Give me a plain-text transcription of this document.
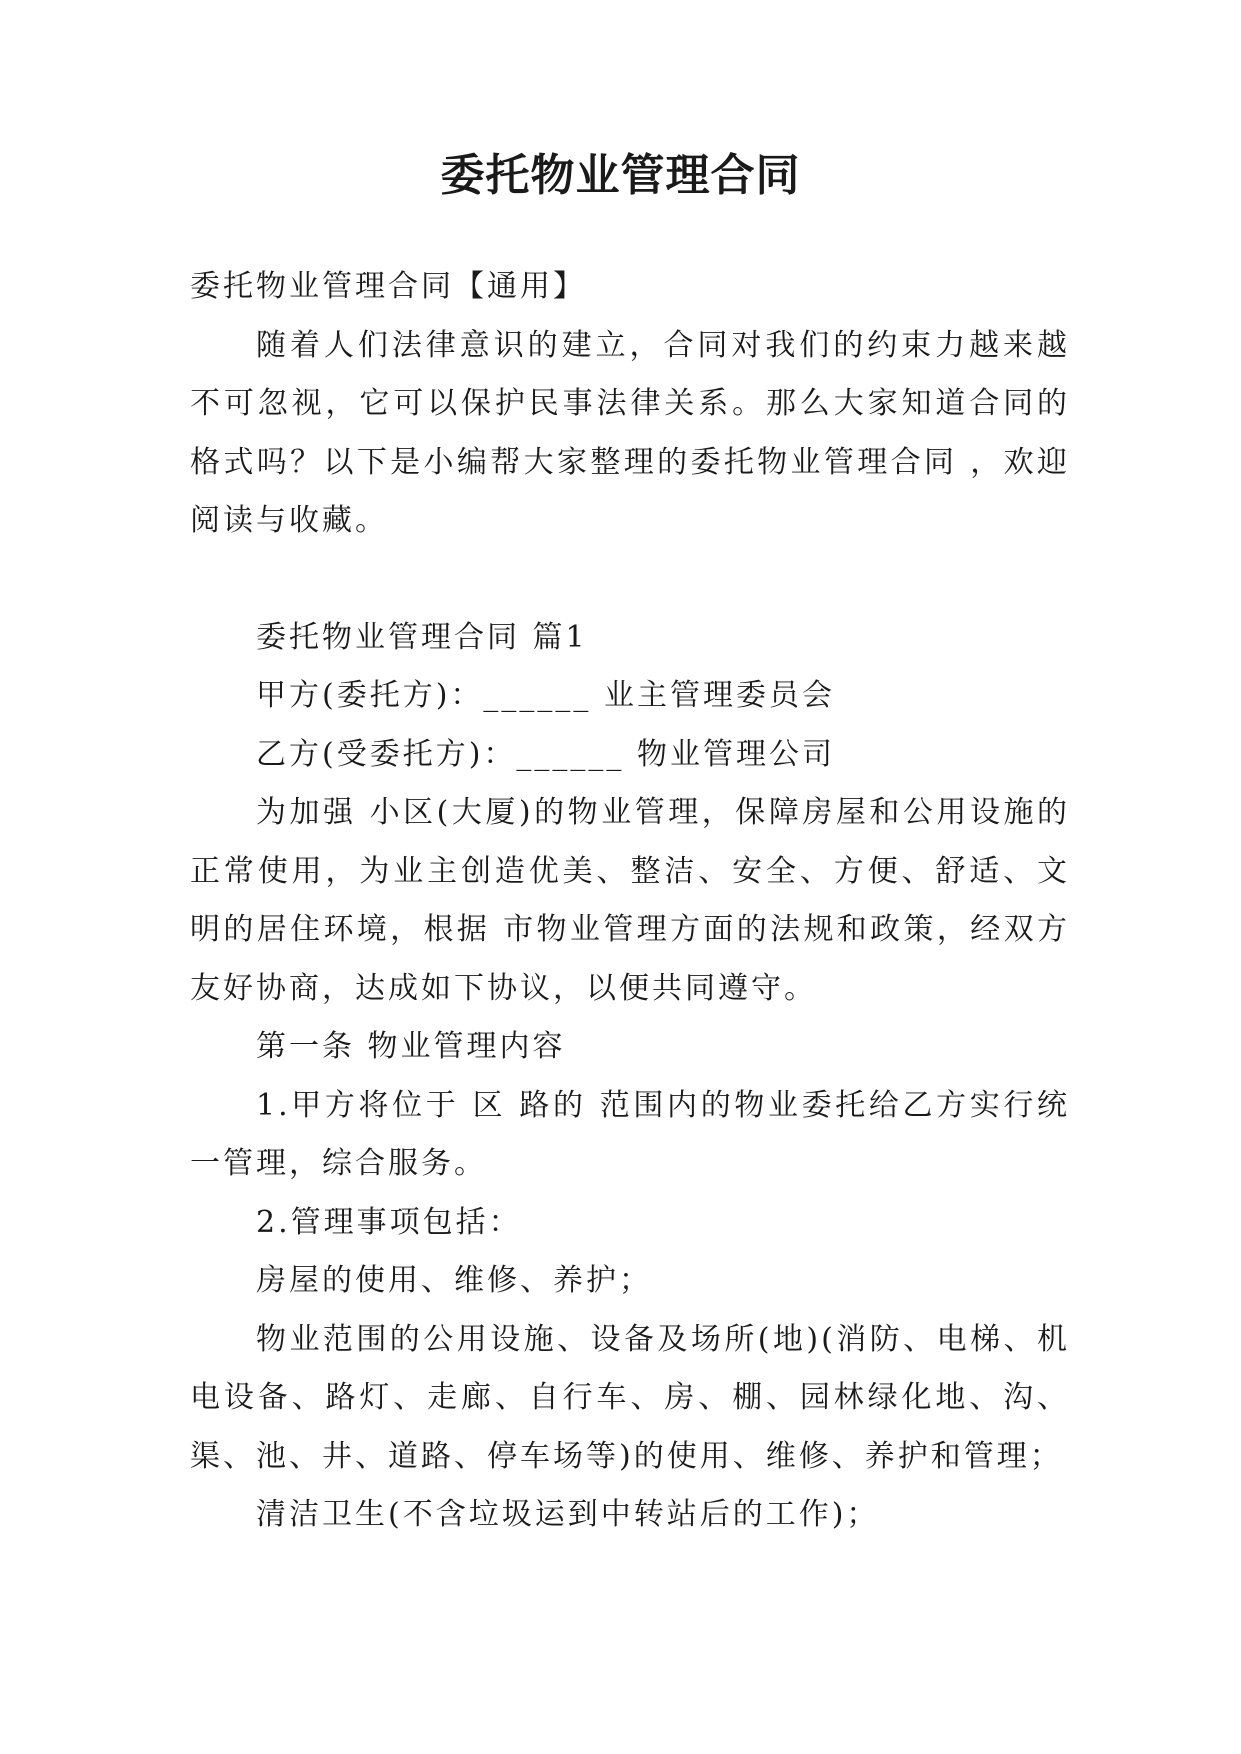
委托物业管理合同

委托物业管理合同【通用】

随着人们法律意识的建立，合同对我们的约束力越来越不可忽视，它可以保护民事法律关系。那么大家知道合同的格式吗？以下是小编帮大家整理的委托物业管理合同 ，欢迎阅读与收藏。

委托物业管理合同 篇1

甲方(委托方)：______ 业主管理委员会

乙方(受委托方)：______ 物业管理公司

为加强 小区(大厦)的物业管理，保障房屋和公用设施的正常使用，为业主创造优美、整洁、安全、方便、舒适、文明的居住环境，根据 市物业管理方面的法规和政策，经双方友好协商，达成如下协议，以便共同遵守。

第一条 物业管理内容

1.甲方将位于 区 路的 范围内的物业委托给乙方实行统一管理，综合服务。

2.管理事项包括：

房屋的使用、维修、养护；

物业范围的公用设施、设备及场所(地)(消防、电梯、机电设备、路灯、走廊、自行车、房、棚、园林绿化地、沟、渠、池、井、道路、停车场等)的使用、维修、养护和管理；

清洁卫生(不含垃圾运到中转站后的工作)；
